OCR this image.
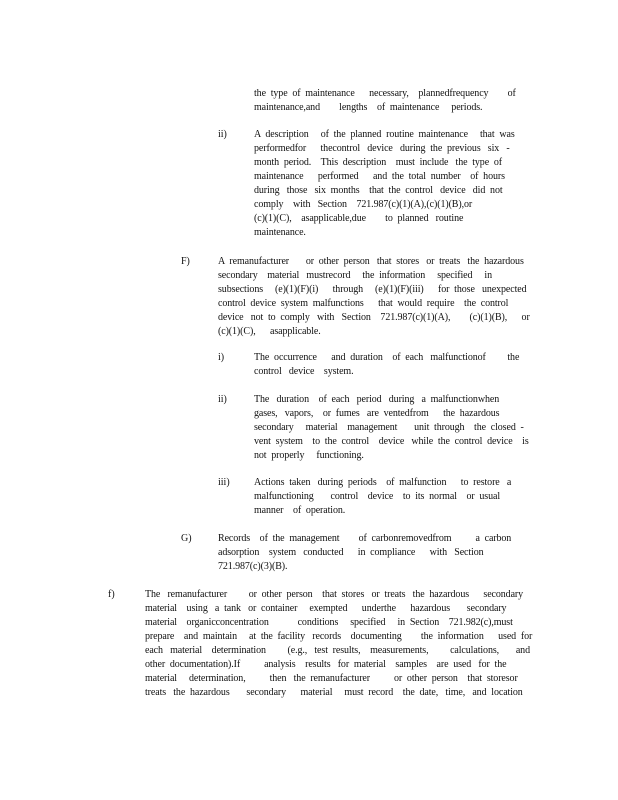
the  type  of  maintenance      necessary,    plannedfrequency        of
maintenance,and        lengths    of  maintenance     periods.
ii)	A  description     of  the  planned  routine  maintenance     that  was
performedfor      thecontrol   device   during  the  previous   six   -
month  period.    This  description    must  include   the  type  of
maintenance      performed      and  the  total  number    of  hours
during   those   six  months    that  the  control   device   did  not
comply    with   Section    721.987(c)(1)(A),(c)(1)(B),or
(c)(1)(C),    asapplicable,due        to  planned   routine
maintenance.
F)	A  remanufacturer       or  other  person   that  stores   or  treats   the  hazardous
secondary    material   mustrecord     the  information     specified     in
subsections     (e)(1)(F)(i)      through     (e)(1)(F)(iii)      for  those   unexpected
control  device  system  malfunctions      that  would  require    the  control
device   not  to  comply   with   Section    721.987(c)(1)(A),        (c)(1)(B),      or
(c)(1)(C),      asapplicable.
i)	The  occurrence      and  duration    of  each   malfunctionof         the
control   device    system.
ii)	The   duration    of  each   period   during   a  malfunctionwhen
gases,   vapors,    or  fumes   are  ventedfrom      the  hazardous
secondary     material    management       unit  through    the  closed  -
vent  system    to  the  control    device   while  the  control  device    is
not  properly     functioning.
iii) Actions  taken   during  periods    of  malfunction      to  restore   a
malfunctioning       control    device    to  its  normal    or  usual
manner    of  operation.
G)	Records    of  the  management        of  carbonremovedfrom          a  carbon
adsorption    system   conducted      in  compliance      with   Section
721.987(c)(3)(B).
f)	The   remanufacturer         or  other  person    that  stores   or  treats   the  hazardous      secondary
material    using   a  tank   or  container     exempted      underthe      hazardous       secondary
material    organicconcentration            conditions     specified     in  Section    721.982(c),must
prepare    and  maintain     at  the  facility   records    documenting        the  information      used  for
each   material    determination         (e.g.,   test  results,    measurements,         calculations,       and
other  documentation).If          analysis    results   for  material    samples    are  used   for  the
material     determination,          then   the  remanufacturer          or  other  person    that  storesor
treats   the  hazardous       secondary      material     must  record    the  date,   time,   and  location
